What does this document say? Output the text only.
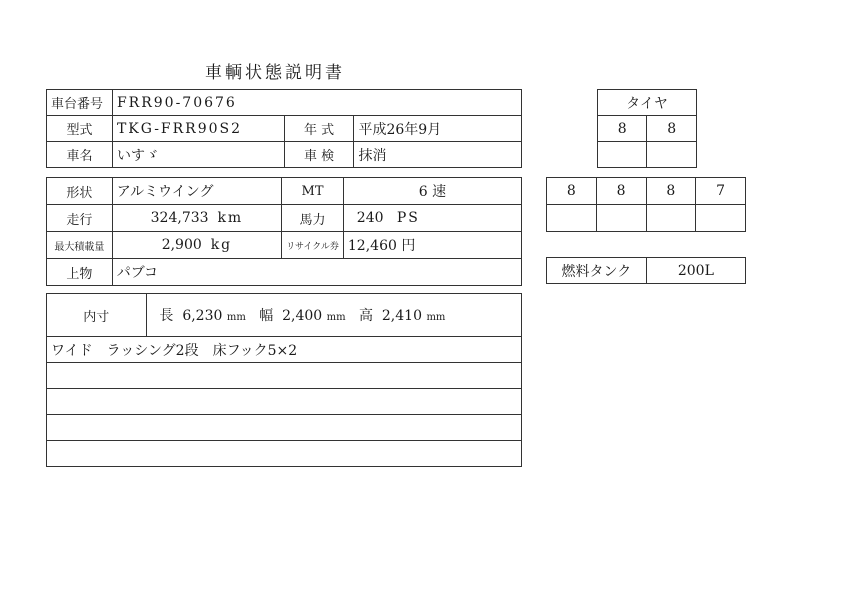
車輌状態説明書
車台番号	FRR90-70676		
型式	TKG-FRR90S2	年 式	平成26年9月
車名	いすゞ	車 検	抹消
形状	アルミウイング	MT	6 速
走行	324,733 km	馬力	240 PS
最大積載量	2,900 kg	リサイクル券	12,460 円
上物	パブコ		
内寸	長 6,230 mm 幅 2,400 mm 高 2,410 mm
ワイド　ラッシング2段　床フック5×2

タイヤ	
8	8

8	8	8	7

燃料タンク	200L
